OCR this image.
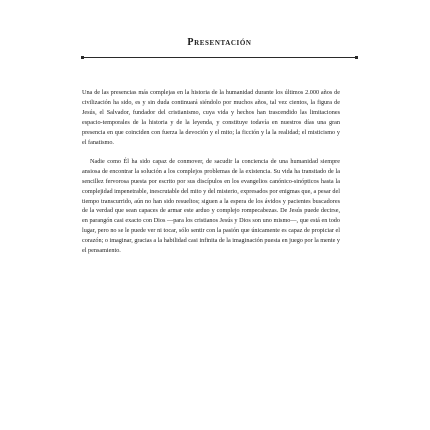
Presentación

Una de las presencias más complejas en la historia de la humanidad durante los últimos 2.000 años de civilización ha sido, es y sin duda continuará siéndolo por muchos años, tal vez cientos, la figura de Jesús, el Salvador, fundador del cristianismo, cuya vida y hechos han trascendido las limitaciones espacio-temporales de la historia y de la leyenda, y constituye todavía en nuestros días una gran presencia en que coinciden con fuerza la devoción y el mito; la ficción y la la realidad; el misticismo y el fanatismo.

Nadie como Él ha sido capaz de conmover, de sacudir la conciencia de una humanidad siempre ansiosa de encontrar la solución a los complejos problemas de la existencia. Su vida ha transitado de la sencillez fervorosa puesta por escrito por sus discípulos en los evangelios canónico-sinópticos hasta la complejidad impenetrable, inescrutable del mito y del misterio, expresados por enigmas que, a pesar del tiempo transcurrido, aún no han sido resueltos; siguen a la espera de los ávidos y pacientes buscadores de la verdad que sean capaces de armar este arduo y complejo rompecabezas. De Jesús puede decirse, en parangón casi exacto con Dios —para los cristianos Jesús y Dios son uno mismo—, que está en todo lugar, pero no se le puede ver ni tocar, sólo sentir con la pasión que únicamente es capaz de propiciar el corazón; o imaginar, gracias a la habilidad casi infinita de la imaginación puesta en juego por la mente y el pensamiento.
